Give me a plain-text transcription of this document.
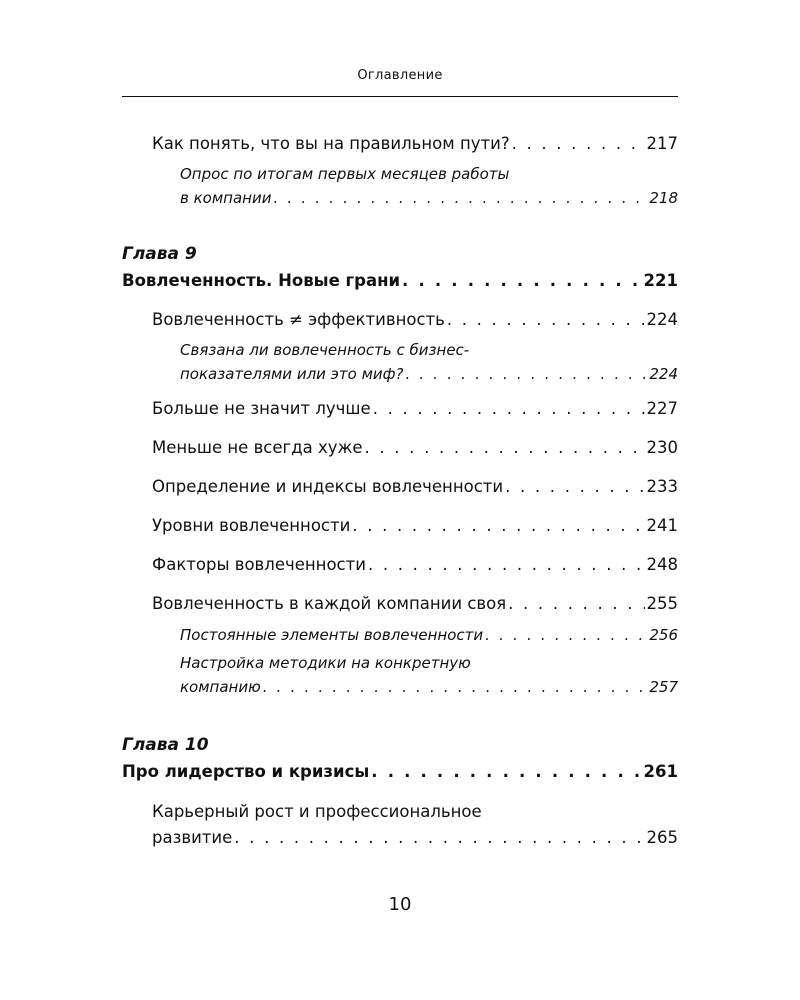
Оглавление
Как понять, что вы на правильном пути? . . .	217
Опрос по итогам первых месяцев работы
в компании . . .	218
Глава 9
Вовлеченность. Новые грани . . .	221
Вовлеченность ≠ эффективность . . .	224
Связана ли вовлеченность с бизнес-
показателями или это миф? . . .	224
Больше не значит лучше . . .	227
Меньше не всегда хуже . . .	230
Определение и индексы вовлеченности . . .	233
Уровни вовлеченности . . .	241
Факторы вовлеченности . . .	248
Вовлеченность в каждой компании своя . . .	255
Постоянные элементы вовлеченности . . .	256
Настройка методики на конкретную
компанию . . .	257
Глава 10
Про лидерство и кризисы . . .	261
Карьерный рост и профессиональное
развитие . . .	265
10
